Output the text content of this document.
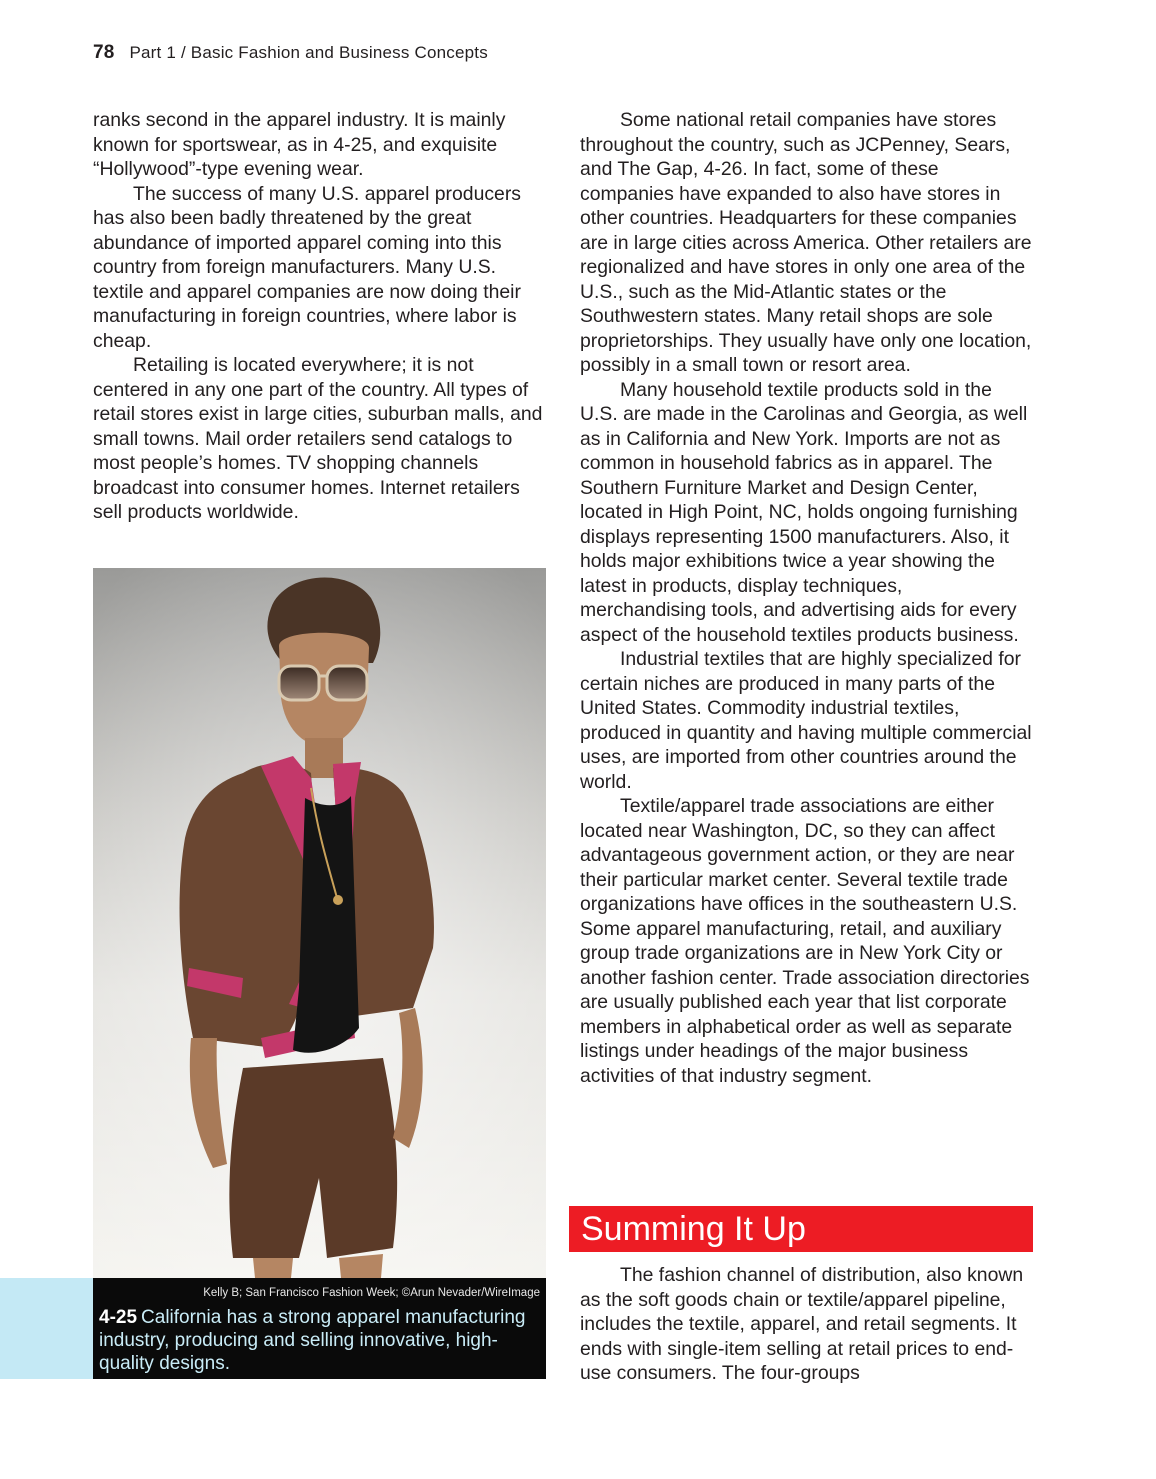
78 Part 1 / Basic Fashion and Business Concepts

ranks second in the apparel industry. It is mainly known for sportswear, as in 4-25, and exquisite “Hollywood”-type evening wear.

The success of many U.S. apparel producers has also been badly threatened by the great abundance of imported apparel coming into this country from foreign manufacturers. Many U.S. textile and apparel companies are now doing their manufacturing in foreign countries, where labor is cheap.

Retailing is located everywhere; it is not centered in any one part of the country. All types of retail stores exist in large cities, suburban malls, and small towns. Mail order retailers send catalogs to most people’s homes. TV shopping channels broadcast into consumer homes. Internet retailers sell products worldwide.

Kelly B; San Francisco Fashion Week; ©Arun Nevader/WireImage
4-25 California has a strong apparel manufacturing industry, producing and selling innovative, high-quality designs.

Some national retail companies have stores throughout the country, such as JCPenney, Sears, and The Gap, 4-26. In fact, some of these companies have expanded to also have stores in other countries. Headquarters for these companies are in large cities across America. Other retailers are regionalized and have stores in only one area of the U.S., such as the Mid-Atlantic states or the Southwestern states. Many retail shops are sole proprietorships. They usually have only one location, possibly in a small town or resort area.

Many household textile products sold in the U.S. are made in the Carolinas and Georgia, as well as in California and New York. Imports are not as common in household fabrics as in apparel. The Southern Furniture Market and Design Center, located in High Point, NC, holds ongoing furnishing displays representing 1500 manufacturers. Also, it holds major exhibitions twice a year showing the latest in products, display techniques, merchandising tools, and advertising aids for every aspect of the household textiles products business.

Industrial textiles that are highly specialized for certain niches are produced in many parts of the United States. Commodity industrial textiles, produced in quantity and having multiple commercial uses, are imported from other countries around the world.

Textile/apparel trade associations are either located near Washington, DC, so they can affect advantageous government action, or they are near their particular market center. Several textile trade organizations have offices in the southeastern U.S. Some apparel manufacturing, retail, and auxiliary group trade organizations are in New York City or another fashion center. Trade association directories are usually published each year that list corporate members in alphabetical order as well as separate listings under headings of the major business activities of that industry segment.

Summing It Up

The fashion channel of distribution, also known as the soft goods chain or textile/apparel pipeline, includes the textile, apparel, and retail segments. It ends with single-item selling at retail prices to end-use consumers. The four-groups
